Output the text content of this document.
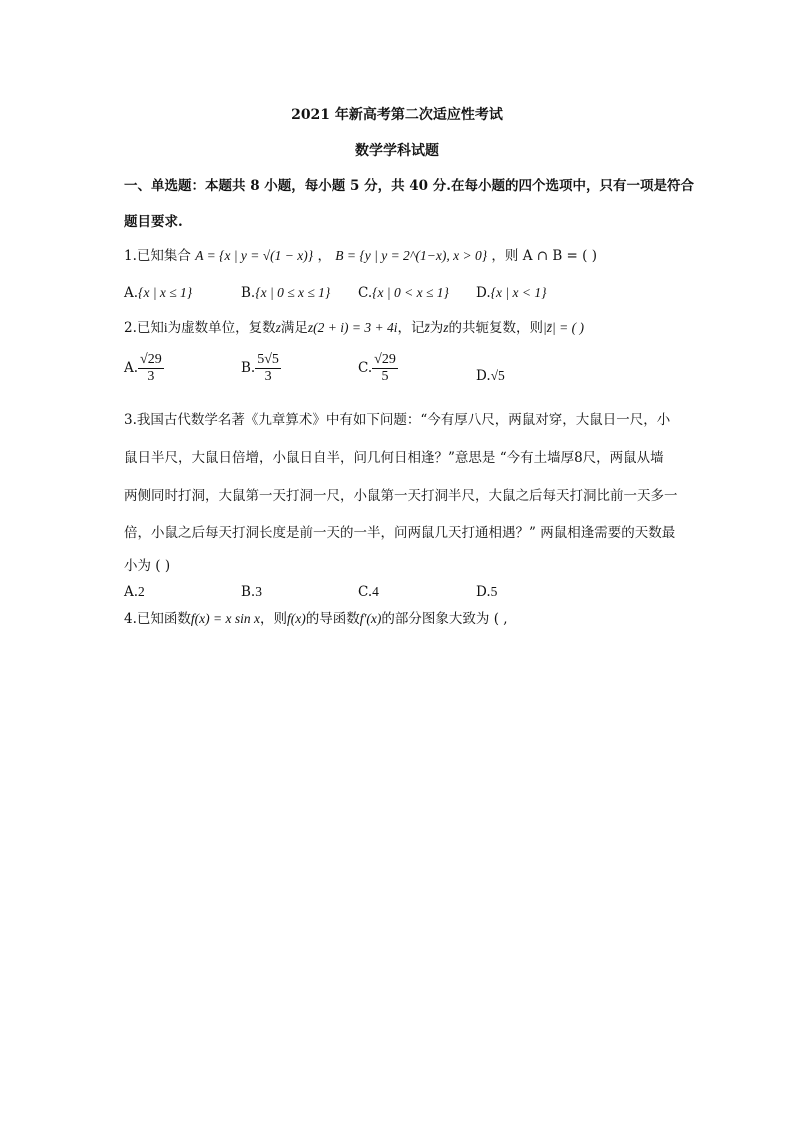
2021 年新高考第二次适应性考试
数学学科试题
一、单选题：本题共 8 小题，每小题 5 分，共 40 分.在每小题的四个选项中，只有一项是符合
题目要求.
1.已知集合 A = {x | y = √(1 − x)} ， B = {y | y = 2^(1−x), x > 0} ，则 A ∩ B = ( )
A.{x | x ≤ 1}	B.{x | 0 ≤ x ≤ 1} C.{x | 0 < x ≤ 1} D.{x | x < 1}
2.已知i为虚数单位，复数z满足z(2 + i) = 3 + 4i，记z̄为z的共轭复数，则|z̄| = ( )
A. $\frac{√29}{3}$	B. $\frac{5√5}{3}$	C. $\frac{√29}{5}$	D.√5
3.我国古代数学名著《九章算术》中有如下问题：“今有厚八尺，两鼠对穿，大鼠日一尺，小
鼠日半尺，大鼠日倍增，小鼠日自半，问几何日相逢？”意思是 “今有土墙厚8尺，两鼠从墙
两侧同时打洞，大鼠第一天打洞一尺，小鼠第一天打洞半尺，大鼠之后每天打洞比前一天多一
倍，小鼠之后每天打洞长度是前一天的一半，问两鼠几天打通相遇？” 两鼠相逢需要的天数最
小为 ( )
A.2	B.3	C.4	D.5
4.已知函数f(x) = x sin x，则f(x)的导函数f′(x)的部分图象大致为 ( ,
